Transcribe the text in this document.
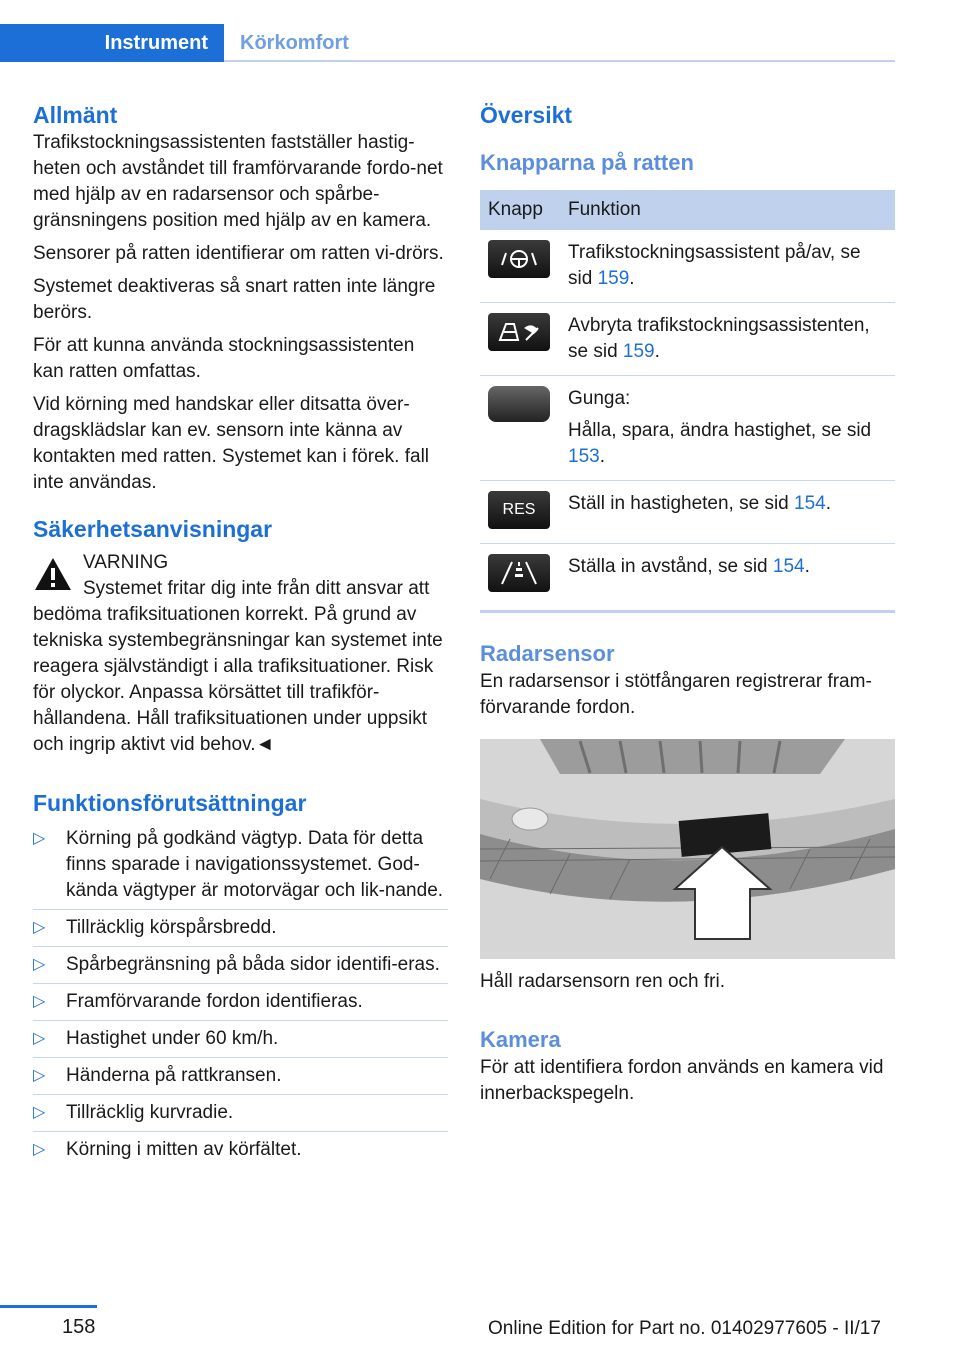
Instrument	Körkomfort
Allmänt

Trafikstockningsassistenten fastställer hastig-heten och avståndet till framförvarande fordo-net med hjälp av en radarsensor och spårbe-gränsningens position med hjälp av en kamera.

Sensorer på ratten identifierar om ratten vi-drörs.

Systemet deaktiveras så snart ratten inte längre berörs.

För att kunna använda stockningsassistenten kan ratten omfattas.

Vid körning med handskar eller ditsatta över-dragsklädslar kan ev. sensorn inte känna av kontakten med ratten. Systemet kan i förek. fall inte användas.

Säkerhetsanvisningar
VARNING
Systemet fritar dig inte från ditt ansvar att bedöma trafiksituationen korrekt. På grund av tekniska systembegränsningar kan systemet inte reagera självständigt i alla trafiksituationer. Risk för olyckor. Anpassa körsättet till trafikför-hållandena. Håll trafiksituationen under uppsikt och ingrip aktivt vid behov.◄
Funktionsförutsättningar
▷ Körning på godkänd vägtyp. Data för detta finns sparade i navigationssystemet. God-kända vägtyper är motorvägar och lik-nande.
▷ Tillräcklig körspårsbredd.
▷ Spårbegränsning på båda sidor identifi-eras.
▷ Framförvarande fordon identifieras.
▷ Hastighet under 60 km/h.
▷ Händerna på rattkransen.
▷ Tillräcklig kurvradie.
▷ Körning i mitten av körfältet.
Översikt
Knapparna på ratten
Knapp	Funktion

	Trafikstockningsassistent på/av, se sid 159.

	Avbryta trafikstockningsassistenten, se sid 159.

	Gunga:
Hålla, spara, ändra hastighet, se sid 153.

RES	Ställ in hastigheten, se sid 154.

	Ställa in avstånd, se sid 154.
Radarsensor

En radarsensor i stötfångaren registrerar fram-förvarande fordon.

Håll radarsensorn ren och fri.

Kamera

För att identifiera fordon används en kamera vid innerbackspegeln.

158	Online Edition for Part no. 01402977605 - II/17
